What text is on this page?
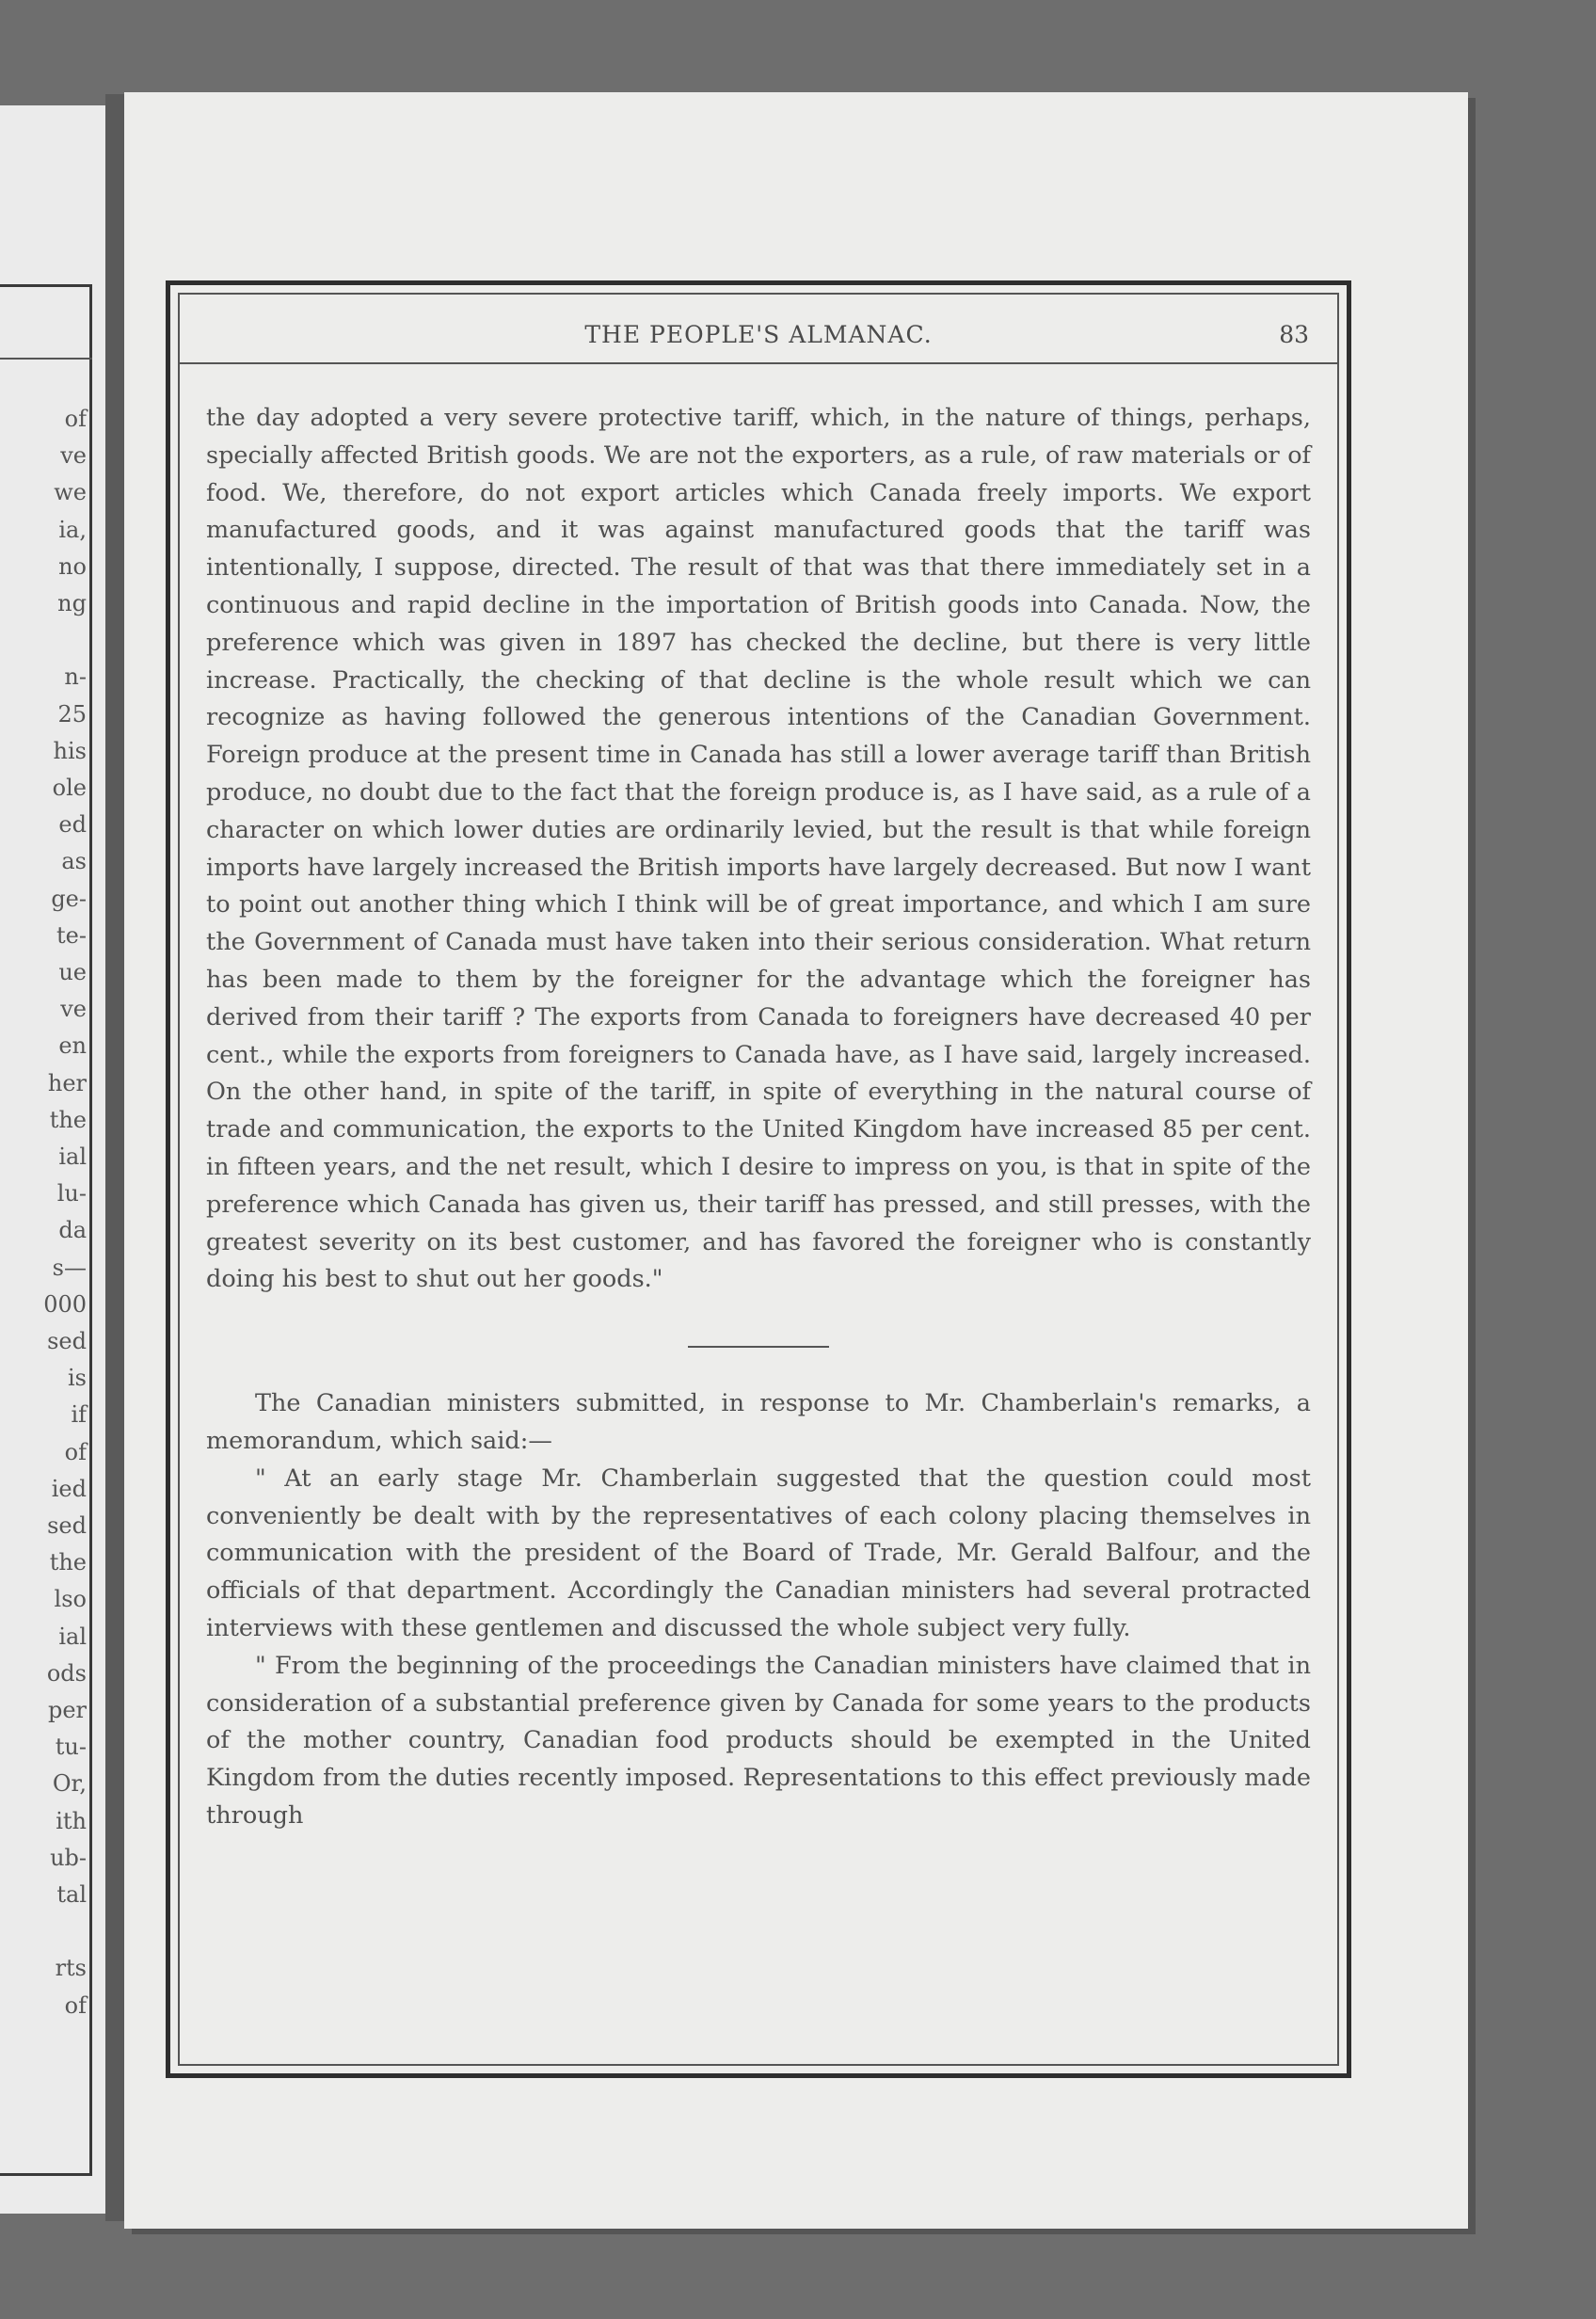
of

ve

we

ia,

no

ng

n-

25

his

ole

ed

as

ge-

te-

ue

ve

en

her

the

ial

lu-

da

s—

000

sed

is

if

of

ied

sed

the

lso

ial

ods

per

tu-

Or,

ith

ub-

tal

rts

of

THE PEOPLE'S ALMANAC.	83

the day adopted a very severe protective tariff, which, in the nature of things, perhaps, specially affected British goods. We are not the exporters, as a rule, of raw materials or of food. We, therefore, do not export articles which Canada freely imports. We export manufactured goods, and it was against manufactured goods that the tariff was intentionally, I suppose, directed. The result of that was that there immediately set in a continuous and rapid decline in the importation of British goods into Canada. Now, the preference which was given in 1897 has checked the decline, but there is very little increase. Practically, the checking of that decline is the whole result which we can recognize as having followed the generous intentions of the Canadian Government. Foreign produce at the present time in Canada has still a lower average tariff than British produce, no doubt due to the fact that the foreign produce is, as I have said, as a rule of a character on which lower duties are ordinarily levied, but the result is that while foreign imports have largely increased the British imports have largely decreased. But now I want to point out another thing which I think will be of great importance, and which I am sure the Government of Canada must have taken into their serious consideration. What return has been made to them by the foreigner for the advantage which the foreigner has derived from their tariff ? The exports from Canada to foreigners have decreased 40 per cent., while the exports from foreigners to Canada have, as I have said, largely increased. On the other hand, in spite of the tariff, in spite of everything in the natural course of trade and communication, the exports to the United Kingdom have increased 85 per cent. in fifteen years, and the net result, which I desire to impress on you, is that in spite of the preference which Canada has given us, their tariff has pressed, and still presses, with the greatest severity on its best customer, and has favored the foreigner who is constantly doing his best to shut out her goods."

The Canadian ministers submitted, in response to Mr. Chamberlain's remarks, a memorandum, which said:—

" At an early stage Mr. Chamberlain suggested that the question could most conveniently be dealt with by the representatives of each colony placing themselves in communication with the president of the Board of Trade, Mr. Gerald Balfour, and the officials of that department. Accordingly the Canadian ministers had several protracted interviews with these gentlemen and discussed the whole subject very fully.

" From the beginning of the proceedings the Canadian ministers have claimed that in consideration of a substantial preference given by Canada for some years to the products of the mother country, Canadian food products should be exempted in the United Kingdom from the duties recently imposed. Representations to this effect previously made through
